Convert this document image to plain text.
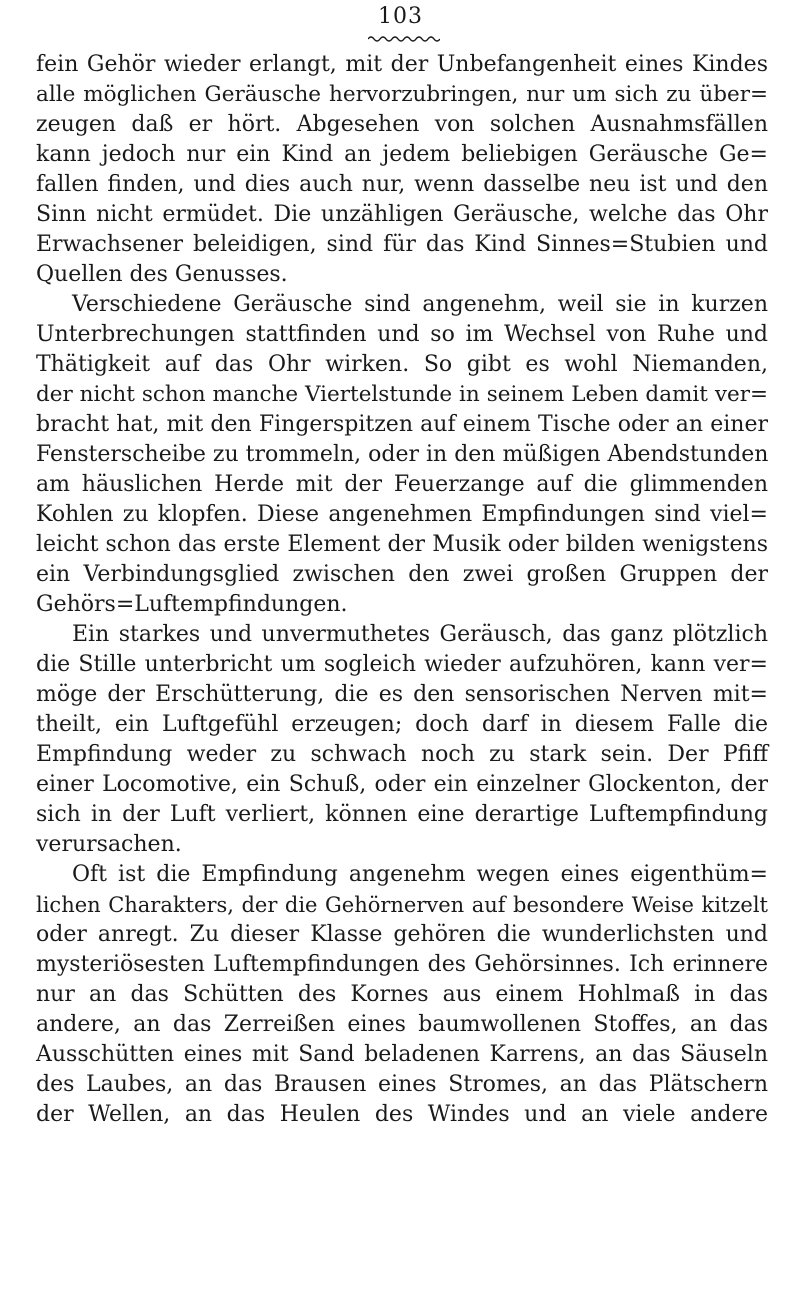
103
fein Gehör wieder erlangt, mit der Unbefangenheit eines Kindes
alle möglichen Geräusche hervorzubringen, nur um sich zu über=
zeugen daß er hört. Abgesehen von solchen Ausnahmsfällen
kann jedoch nur ein Kind an jedem beliebigen Geräusche Ge=
fallen finden, und dies auch nur, wenn dasselbe neu ist und den
Sinn nicht ermüdet. Die unzähligen Geräusche, welche das Ohr
Erwachsener beleidigen, sind für das Kind Sinnes=Stubien und
Quellen des Genusses.
Verschiedene Geräusche sind angenehm, weil sie in kurzen
Unterbrechungen stattfinden und so im Wechsel von Ruhe und
Thätigkeit auf das Ohr wirken. So gibt es wohl Niemanden,
der nicht schon manche Viertelstunde in seinem Leben damit ver=
bracht hat, mit den Fingerspitzen auf einem Tische oder an einer
Fensterscheibe zu trommeln, oder in den müßigen Abendstunden
am häuslichen Herde mit der Feuerzange auf die glimmenden
Kohlen zu klopfen. Diese angenehmen Empfindungen sind viel=
leicht schon das erste Element der Musik oder bilden wenigstens
ein Verbindungsglied zwischen den zwei großen Gruppen der
Gehörs=Luftempfindungen.
Ein starkes und unvermuthetes Geräusch, das ganz plötzlich
die Stille unterbricht um sogleich wieder aufzuhören, kann ver=
möge der Erschütterung, die es den sensorischen Nerven mit=
theilt, ein Luftgefühl erzeugen; doch darf in diesem Falle die
Empfindung weder zu schwach noch zu stark sein. Der Pfiff
einer Locomotive, ein Schuß, oder ein einzelner Glockenton, der
sich in der Luft verliert, können eine derartige Luftempfindung
verursachen.
Oft ist die Empfindung angenehm wegen eines eigenthüm=
lichen Charakters, der die Gehörnerven auf besondere Weise kitzelt
oder anregt. Zu dieser Klasse gehören die wunderlichsten und
mysteriösesten Luftempfindungen des Gehörsinnes. Ich erinnere
nur an das Schütten des Kornes aus einem Hohlmaß in das
andere, an das Zerreißen eines baumwollenen Stoffes, an das
Ausschütten eines mit Sand beladenen Karrens, an das Säuseln
des Laubes, an das Brausen eines Stromes, an das Plätschern
der Wellen, an das Heulen des Windes und an viele andere
